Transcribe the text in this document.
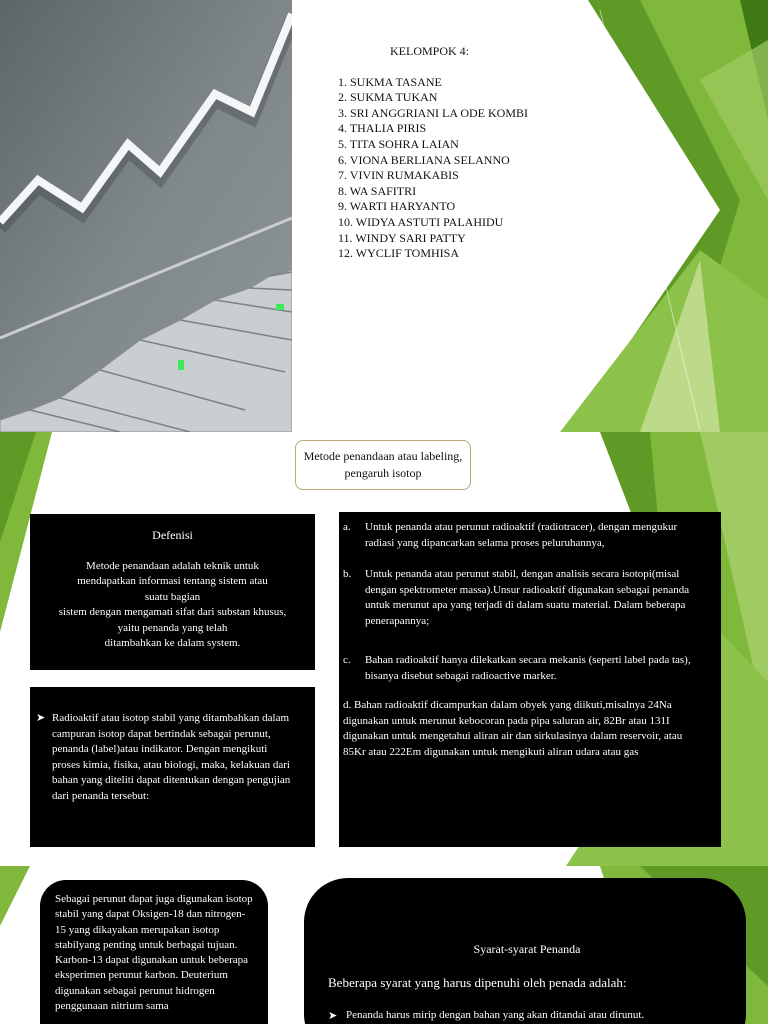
KELOMPOK 4:
1. SUKMA TASANE
2. SUKMA TUKAN
3. SRI ANGGRIANI LA ODE KOMBI
4. THALIA PIRIS
5. TITA SOHRA LAIAN
6. VIONA BERLIANA SELANNO
7. VIVIN RUMAKABIS
8. WA SAFITRI
9. WARTI HARYANTO
10. WIDYA ASTUTI PALAHIDU
11. WINDY SARI PATTY
12. WYCLIF TOMHISA
Metode penandaan atau labeling, pengaruh isotop
Defenisi
Metode penandaan adalah teknik untuk
mendapatkan informasi tentang sistem atau
suatu bagian
sistem dengan mengamati sifat dari substan khusus,
yaitu penanda yang telah
ditambahkan ke dalam system.
➤ Radioaktif atau isotop stabil yang ditambahkan dalam campuran isotop dapat bertindak sebagai perunut, penanda (label)atau indikator. Dengan mengikuti proses kimia, fisika, atau biologi, maka, kelakuan dari bahan yang diteliti dapat ditentukan dengan pengujian dari penanda tersebut:
a.	Untuk penanda atau perunut radioaktif (radiotracer), dengan mengukur radiasi yang dipancarkan selama proses peluruhannya,
b.	Untuk penanda atau perunut stabil, dengan analisis secara isotopi(misal dengan spektrometer massa).Unsur radioaktif digunakan sebagai penanda untuk merunut apa yang terjadi di dalam suatu material. Dalam beberapa penerapannya;
c.	Bahan radioaktif hanya dilekatkan secara mekanis (seperti label pada tas), bisanya disebut sebagai radioactive marker.
d. Bahan radioaktif dicampurkan dalam obyek yang diikuti,misalnya 24Na digunakan untuk merunut kebocoran pada pipa saluran air, 82Br atau 131I digunakan untuk mengetahui aliran air dan sirkulasinya dalam reservoir, atau 85Kr atau 222Em digunakan untuk mengikuti aliran udara atau gas
Sebagai perunut dapat juga digunakan isotop stabil yang dapat Oksigen-18 dan nitrogen-15 yang dikayakan merupakan isotop stabilyang penting untuk berbagai tujuan. Karbon-13 dapat digunakan untuk beberapa eksperimen perunut karbon. Deuterium digunakan sebagai perunut hidrogen penggunaan nitrium sama
Syarat-syarat Penanda
Beberapa syarat yang harus dipenuhi oleh penada adalah:
➤ Penanda harus mirip dengan bahan yang akan ditandai atau dirunut.
